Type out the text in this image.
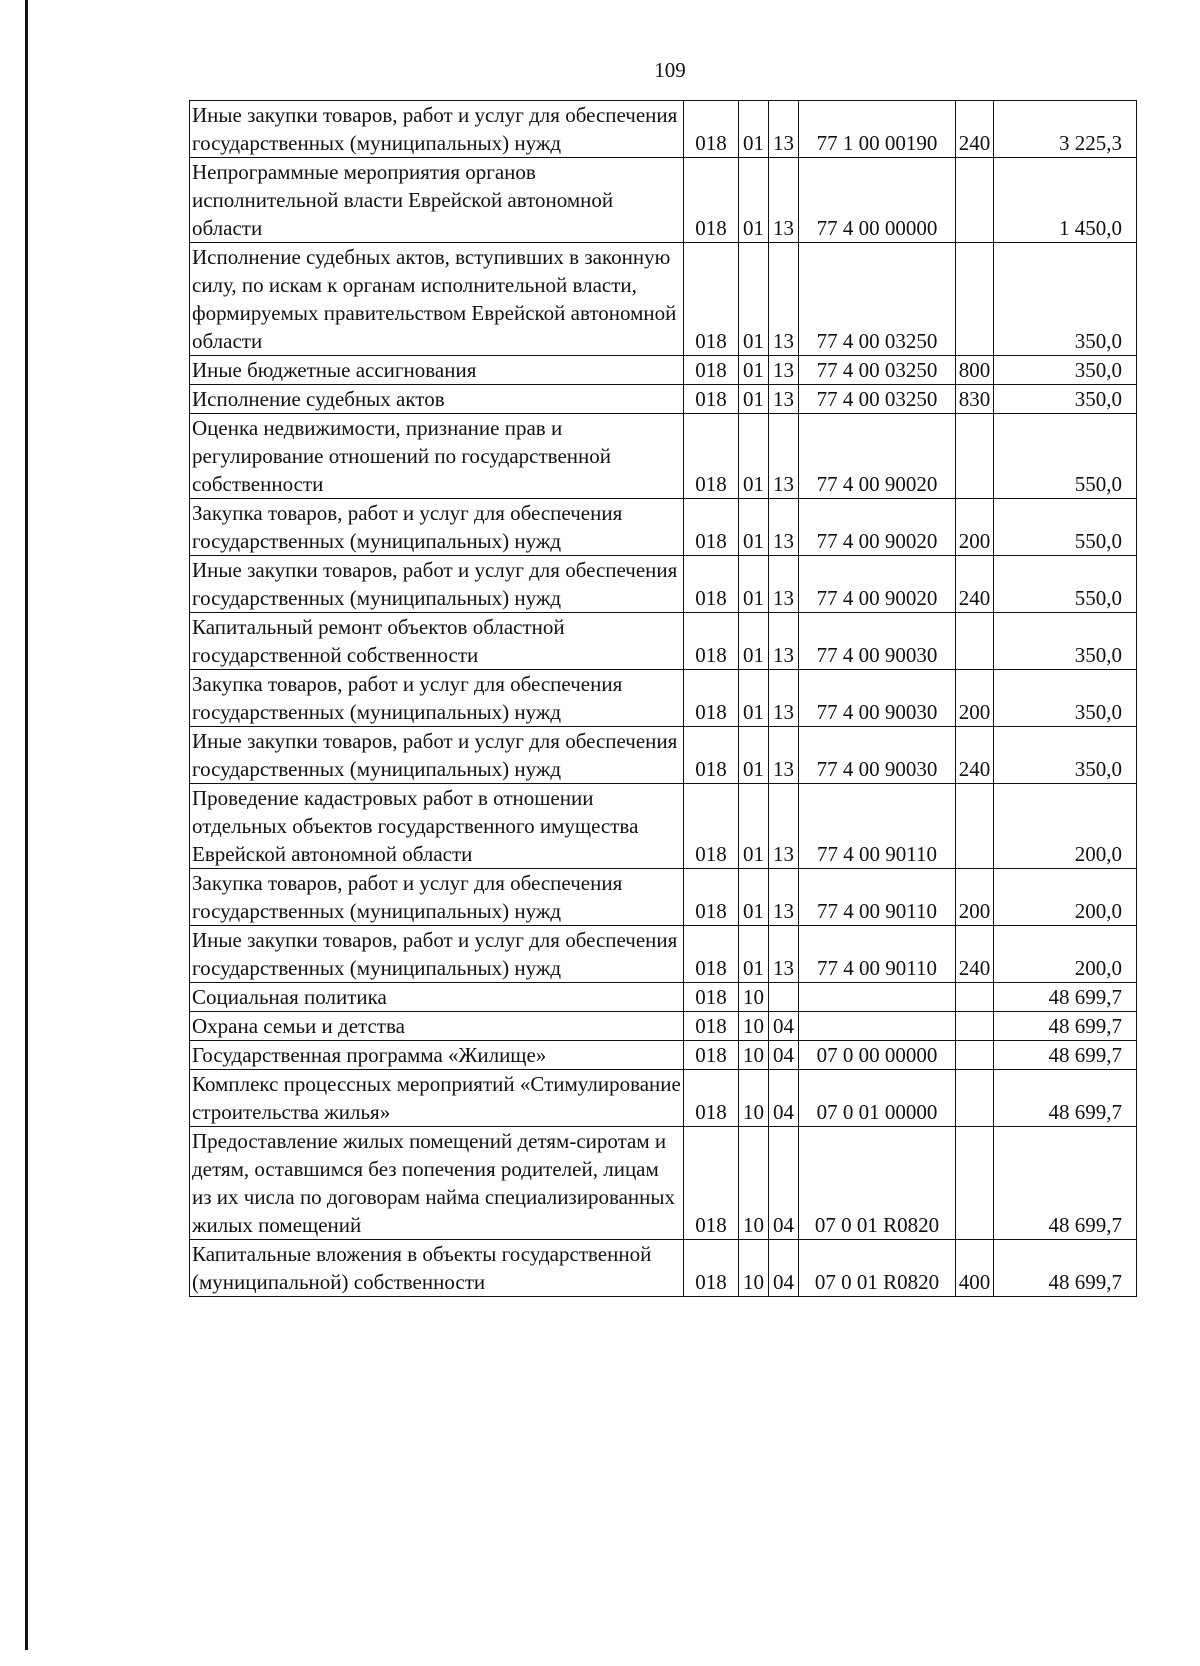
109
Иные закупки товаров, работ и услуг для обеспечения государственных (муниципальных) нужд	018	01	13	77 1 00 00190	240	3 225,3
Непрограммные мероприятия органов исполнительной власти Еврейской автономной области	018	01	13	77 4 00 00000		1 450,0
Исполнение судебных актов, вступивших в законную силу, по искам к органам исполнительной власти, формируемых правительством Еврейской автономной области	018	01	13	77 4 00 03250		350,0
Иные бюджетные ассигнования	018	01	13	77 4 00 03250	800	350,0
Исполнение судебных актов	018	01	13	77 4 00 03250	830	350,0
Оценка недвижимости, признание прав и регулирование отношений по государственной собственности	018	01	13	77 4 00 90020		550,0
Закупка товаров, работ и услуг для обеспечения государственных (муниципальных) нужд	018	01	13	77 4 00 90020	200	550,0
Иные закупки товаров, работ и услуг для обеспечения государственных (муниципальных) нужд	018	01	13	77 4 00 90020	240	550,0
Капитальный ремонт объектов областной государственной собственности	018	01	13	77 4 00 90030		350,0
Закупка товаров, работ и услуг для обеспечения государственных (муниципальных) нужд	018	01	13	77 4 00 90030	200	350,0
Иные закупки товаров, работ и услуг для обеспечения государственных (муниципальных) нужд	018	01	13	77 4 00 90030	240	350,0
Проведение кадастровых работ в отношении отдельных объектов государственного имущества Еврейской автономной области	018	01	13	77 4 00 90110		200,0
Закупка товаров, работ и услуг для обеспечения государственных (муниципальных) нужд	018	01	13	77 4 00 90110	200	200,0
Иные закупки товаров, работ и услуг для обеспечения государственных (муниципальных) нужд	018	01	13	77 4 00 90110	240	200,0
Социальная политика	018	10				48 699,7
Охрана семьи и детства	018	10	04			48 699,7
Государственная программа «Жилище»	018	10	04	07 0 00 00000		48 699,7
Комплекс процессных мероприятий «Стимулирование строительства жилья»	018	10	04	07 0 01 00000		48 699,7
Предоставление жилых помещений детям-сиротам и детям, оставшимся без попечения родителей, лицам из их числа по договорам найма специализированных жилых помещений	018	10	04	07 0 01 R0820		48 699,7
Капитальные вложения в объекты государственной (муниципальной) собственности	018	10	04	07 0 01 R0820	400	48 699,7
